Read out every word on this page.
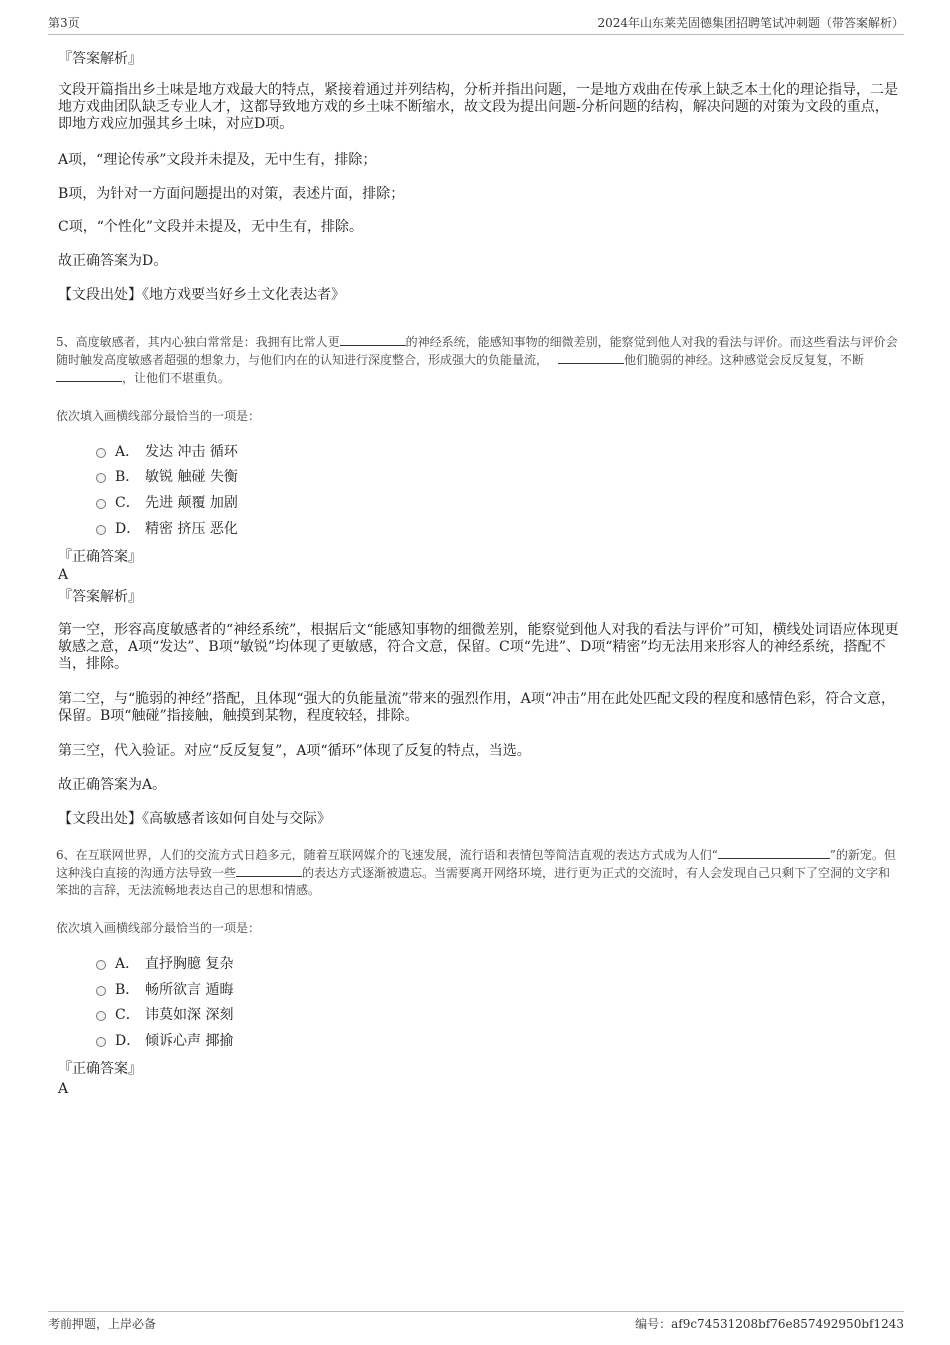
第3页	2024年山东莱芜固德集团招聘笔试冲刺题（带答案解析）
『答案解析』

文段开篇指出乡土味是地方戏最大的特点，紧接着通过并列结构，分析并指出问题，一是地方戏曲在传承上缺乏本土化的理论指导，二是地方戏曲团队缺乏专业人才，这都导致地方戏的乡土味不断缩水，故文段为提出问题-分析问题的结构，解决问题的对策为文段的重点，即地方戏应加强其乡土味，对应D项。

A项，“理论传承”文段并未提及，无中生有，排除；

B项，为针对一方面问题提出的对策，表述片面，排除；

C项，“个性化”文段并未提及，无中生有，排除。

故正确答案为D。

【文段出处】《地方戏要当好乡土文化表达者》

5、高度敏感者，其内心独白常常是：我拥有比常人更	的神经系统，能感知事物的细微差别，能察觉到他人对我的看法与评价。而这些看法与评价会随时触发高度敏感者超强的想象力，与他们内在的认知进行深度整合，形成强大的负能量流，	他们脆弱的神经。这种感觉会反反复复，不断，让他们不堪重负。

依次填入画横线部分最恰当的一项是：

A． 发达 冲击 循环
B． 敏锐 触碰 失衡
C． 先进 颠覆 加剧
D． 精密 挤压 恶化
『正确答案』
A
『答案解析』

第一空，形容高度敏感者的“神经系统”，根据后文“能感知事物的细微差别，能察觉到他人对我的看法与评价”可知，横线处词语应体现更敏感之意，A项“发达”、B项“敏锐”均体现了更敏感，符合文意，保留。C项“先进”、D项“精密”均无法用来形容人的神经系统，搭配不当，排除。

第二空，与“脆弱的神经”搭配，且体现“强大的负能量流”带来的强烈作用，A项“冲击”用在此处匹配文段的程度和感情色彩，符合文意，保留。B项“触碰”指接触，触摸到某物，程度较轻，排除。

第三空，代入验证。对应“反反复复”，A项“循环”体现了反复的特点，当选。

故正确答案为A。

【文段出处】《高敏感者该如何自处与交际》

6、在互联网世界，人们的交流方式日趋多元，随着互联网媒介的飞速发展，流行语和表情包等简洁直观的表达方式成为人们“	”的新宠。但这种浅白直接的沟通方法导致一些	的表达方式逐渐被遗忘。当需要离开网络环境，进行更为正式的交流时，有人会发现自己只剩下了空洞的文字和笨拙的言辞，无法流畅地表达自己的思想和情感。

依次填入画横线部分最恰当的一项是：

A． 直抒胸臆 复杂
B． 畅所欲言 遁晦
C． 讳莫如深 深刻
D． 倾诉心声 揶揄
『正确答案』
A
考前押题，上岸必备	编号：af9c74531208bf76e857492950bf1243
